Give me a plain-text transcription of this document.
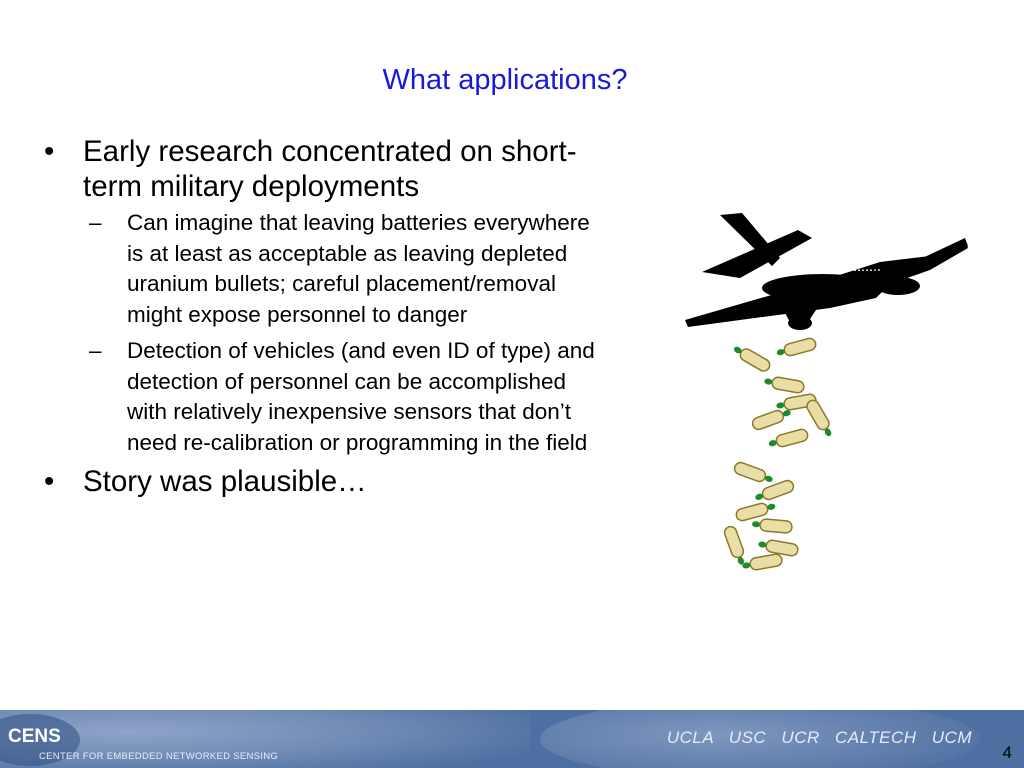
What applications?
• Early research concentrated on short-term military deployments
–	Can imagine that leaving batteries everywhere is at least as acceptable as leaving depleted uranium bullets; careful placement/removal might expose personnel to danger
–	Detection of vehicles (and even ID of type) and detection of personnel can be accomplished with relatively inexpensive sensors that don’t need re-calibration or programming in the field
• Story was plausible…
CENS
CENTER FOR EMBEDDED NETWORKED SENSING
UCLA USC UCR CALTECH UCM
4
